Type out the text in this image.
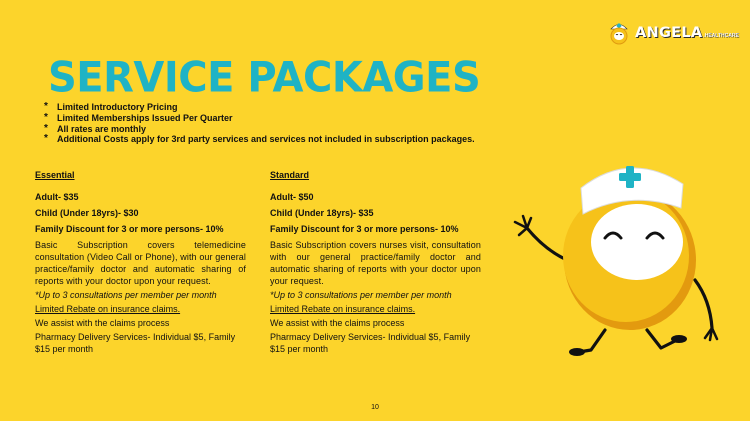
ANGELA .HEALTHCARE
SERVICE PACKAGES
*	Limited Introductory Pricing
*	Limited Memberships Issued Per Quarter
*	All rates are monthly
*	Additional Costs apply for 3rd party services and services not included in subscription packages.
Essential
Adult- $35
Child (Under 18yrs)- $30
Family Discount for 3 or more persons- 10%
Basic Subscription covers telemedicine consultation (Video Call or Phone), with our general practice/family doctor and automatic sharing of reports with your doctor upon your request.
*Up to 3 consultations per member per month
Limited Rebate on insurance claims.
We assist with the claims process
Pharmacy Delivery Services- Individual $5, Family $15 per month
Standard
Adult- $50
Child (Under 18yrs)- $35
Family Discount for 3 or more persons- 10%
Basic Subscription covers nurses visit, consultation with our general practice/family doctor and automatic sharing of reports with your doctor upon your request.
*Up to 3 consultations per member per month
Limited Rebate on insurance claims.
We assist with the claims process
Pharmacy Delivery Services- Individual $5, Family $15 per month
10
